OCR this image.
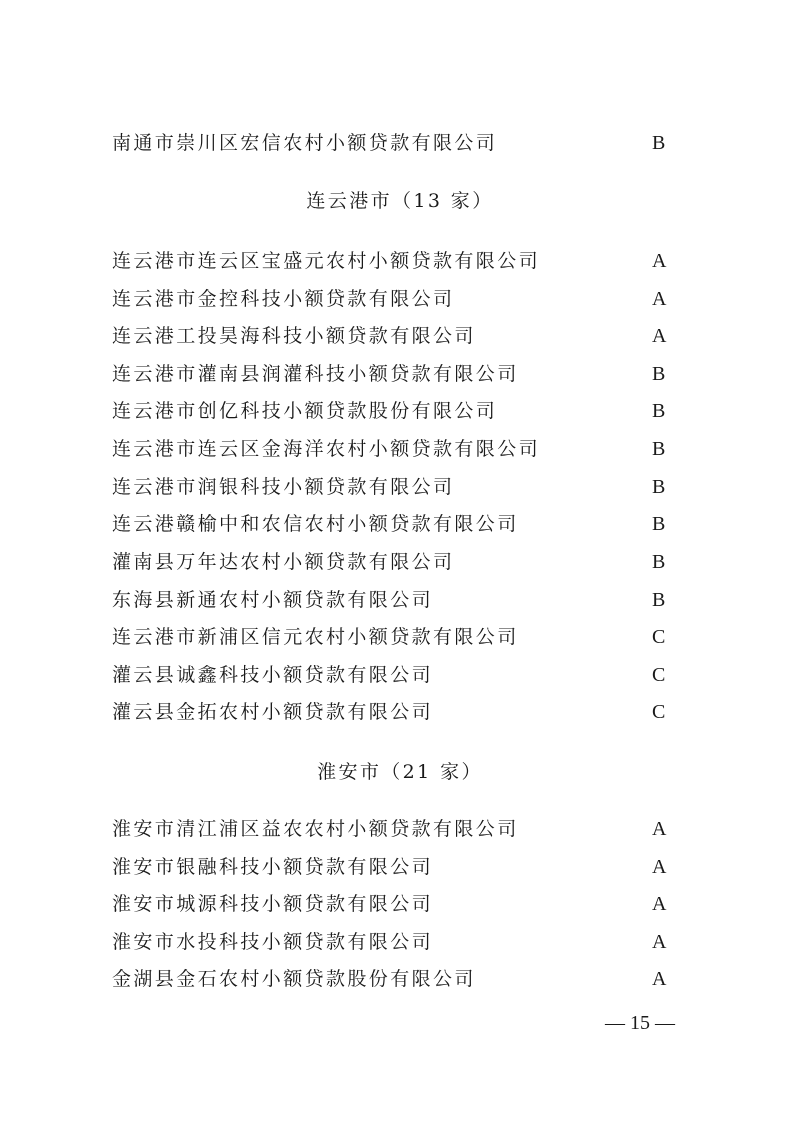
南通市崇川区宏信农村小额贷款有限公司	B
连云港市（13 家）
连云港市连云区宝盛元农村小额贷款有限公司	A
连云港市金控科技小额贷款有限公司	A
连云港工投昊海科技小额贷款有限公司	A
连云港市灌南县润灌科技小额贷款有限公司	B
连云港市创亿科技小额贷款股份有限公司	B
连云港市连云区金海洋农村小额贷款有限公司	B
连云港市润银科技小额贷款有限公司	B
连云港赣榆中和农信农村小额贷款有限公司	B
灌南县万年达农村小额贷款有限公司	B
东海县新通农村小额贷款有限公司	B
连云港市新浦区信元农村小额贷款有限公司	C
灌云县诚鑫科技小额贷款有限公司	C
灌云县金拓农村小额贷款有限公司	C
淮安市（21 家）
淮安市清江浦区益农农村小额贷款有限公司	A
淮安市银融科技小额贷款有限公司	A
淮安市城源科技小额贷款有限公司	A
淮安市水投科技小额贷款有限公司	A
金湖县金石农村小额贷款股份有限公司	A
— 15 —
